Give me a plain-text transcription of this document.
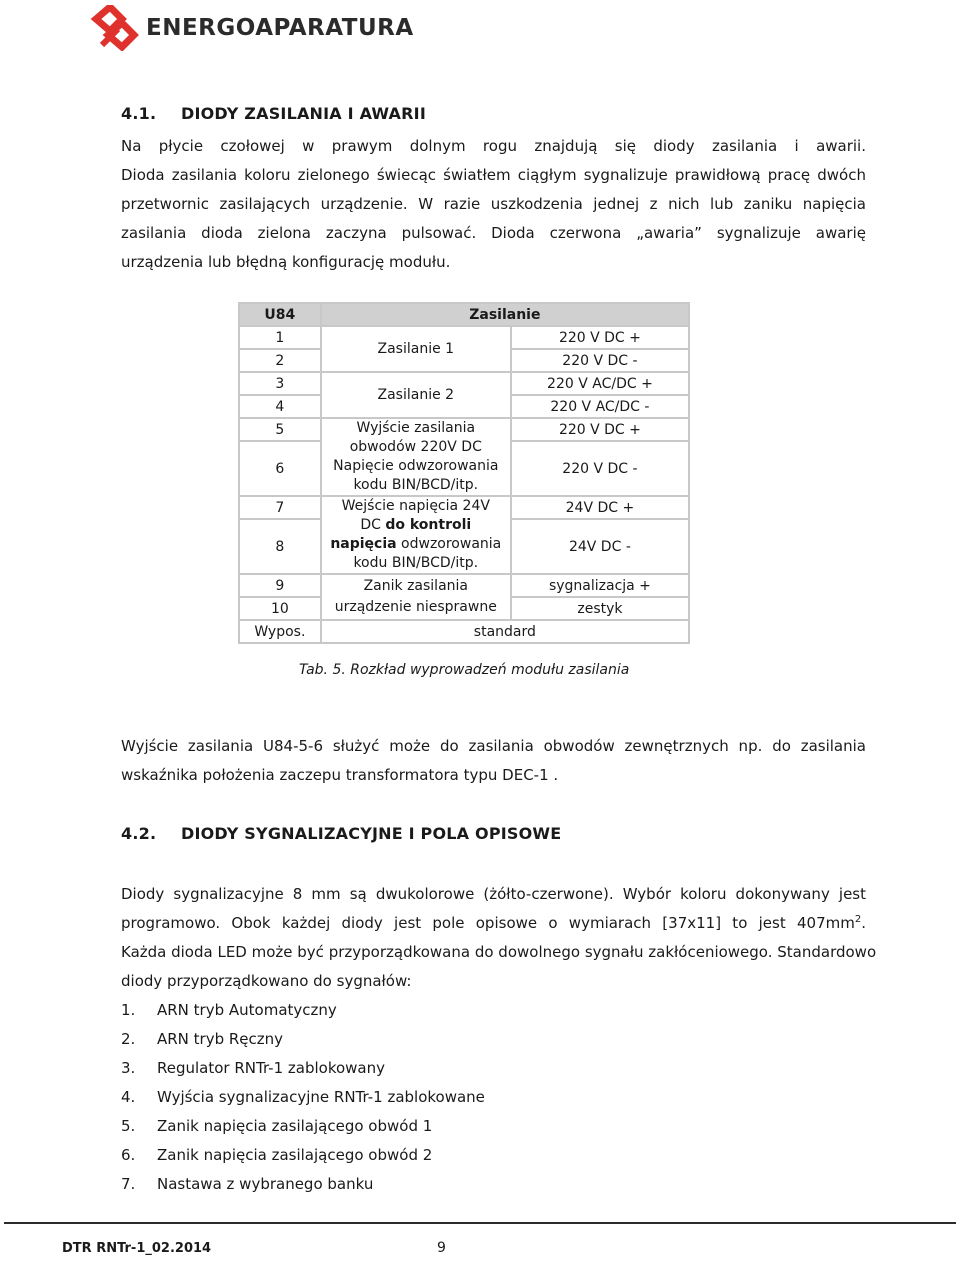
ENERGOAPARATURA
4.1. DIODY ZASILANIA I AWARII
Na płycie czołowej w prawym dolnym rogu znajdują się diody zasilania i awarii.
Dioda zasilania koloru zielonego świecąc światłem ciągłym sygnalizuje prawidłową pracę dwóch
przetwornic zasilających urządzenie. W razie uszkodzenia jednej z nich lub zaniku napięcia
zasilania dioda zielona zaczyna pulsować. Dioda czerwona „awaria” sygnalizuje awarię
urządzenia lub błędną konfigurację modułu.
U84	Zasilanie	
1	Zasilanie 1	220 V DC +
2		220 V DC -
3	Zasilanie 2	220 V AC/DC +
4		220 V AC/DC -
5	Wyjście zasilania
obwodów 220V DC
Napięcie odwzorowania
kodu BIN/BCD/itp.	220 V DC +
6		220 V DC -
7	Wejście napięcia 24V
DC do kontroli
napięcia odwzorowania
kodu BIN/BCD/itp.	24V DC +
8		24V DC -
9	Zanik zasilania
urządzenie niesprawne	sygnalizacja +
10		zestyk
Wypos.	standard	
Tab. 5. Rozkład wyprowadzeń modułu zasilania
Wyjście zasilania U84-5-6 służyć może do zasilania obwodów zewnętrznych np. do zasilania
wskaźnika położenia zaczepu transformatora typu DEC-1 .
4.2. DIODY SYGNALIZACYJNE I POLA OPISOWE
Diody sygnalizacyjne 8 mm są dwukolorowe (żółto-czerwone). Wybór koloru dokonywany jest
programowo. Obok każdej diody jest pole opisowe o wymiarach [37x11] to jest $407mm^2$.
Każda dioda LED może być przyporządkowana do dowolnego sygnału zakłóceniowego. Standardowo
diody przyporządkowano do sygnałów:
1. ARN tryb Automatyczny
2. ARN tryb Ręczny
3. Regulator RNTr-1 zablokowany
4. Wyjścia sygnalizacyjne RNTr-1 zablokowane
5. Zanik napięcia zasilającego obwód 1
6. Zanik napięcia zasilającego obwód 2
7. Nastawa z wybranego banku
DTR RNTr-1_02.2014	9
